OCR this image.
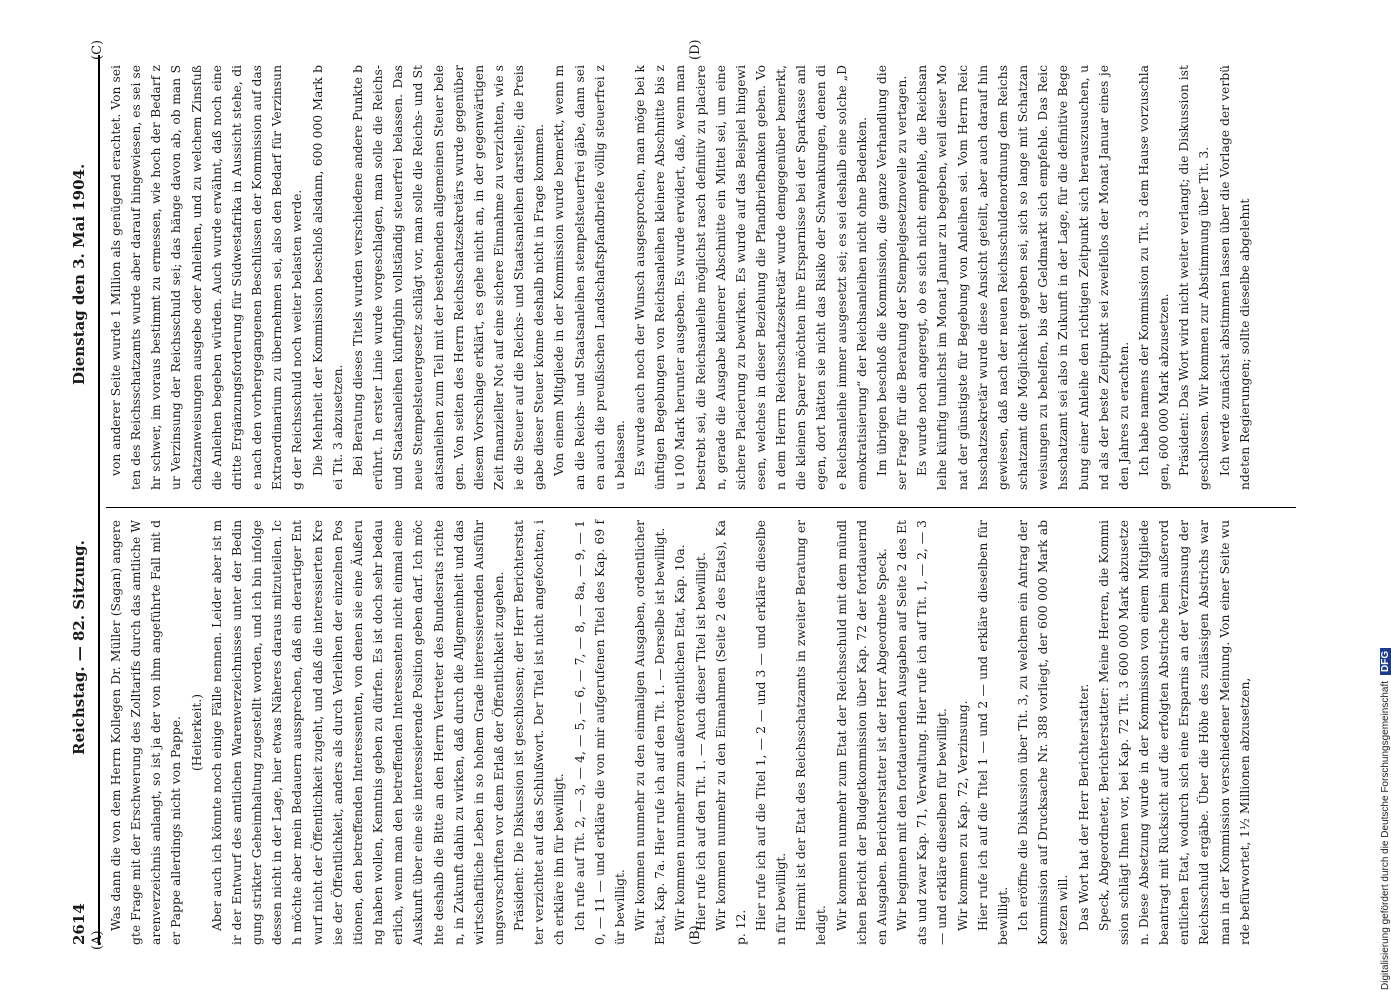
2614
Reichstag. — 82. Sitzung.
Dienstag den 3. Mai 1904.

Was dann die von dem Herrn Kollegen Dr. Müller (Sagan) angeregte Frage mit der Erschwerung des Zolltarifs durch das amtliche Warenverzeichnis anlangt, so ist ja der von ihm angeführte Fall mit der Pappe allerdings nicht von Pappe. (Heiterkeit.) Aber auch ich könnte noch einige Fälle nennen. Leider aber ist mir der Entwurf des amtlichen Warenverzeichnisses unter der Bedingung strikter Geheimhaltung zugestellt worden, und ich bin infolgedessen nicht in der Lage, hier etwas Näheres daraus mitzuteilen. Ich möchte aber mein Bedauern aussprechen, daß ein derartiger Entwurf nicht der Öffentlichkeit zugeht, und daß die interessierten Kreise der Öffentlichkeit, anders als durch Verleihen der einzelnen Positionen, den betreffenden Interessenten, von denen sie eine Äußerung haben wollen, Kenntnis geben zu dürfen. Es ist doch sehr bedauerlich, wenn man den betreffenden Interessenten nicht einmal eine Auskunft über eine sie interessierende Position geben darf. Ich möchte deshalb die Bitte an den Herrn Vertreter des Bundesrats richten, in Zukunft dahin zu wirken, daß durch die Allgemeinheit und das wirtschaftliche Leben in so hohem Grade interessierenden Ausführungsvorschriften vor dem Erlaß der Öffentlichkeit zugehen. Präsident: Die Diskussion ist geschlossen; der Herr Berichterstatter verzichtet auf das Schlußwort. Der Titel ist nicht angefochten; ich erkläre ihn für bewilligt. Ich rufe auf Tit. 2, — 3, — 4, — 5, — 6, — 7, — 8, — 8a, — 9, — 10, — 11 — und erkläre die von mir aufgerufenen Titel des Kap. 69 für bewilligt. Wir kommen nunmehr zu den einmaligen Ausgaben, ordentlicher Etat, Kap. 7a. Hier rufe ich auf den Tit. 1. — Derselbe ist bewilligt. Wir kommen nunmehr zum außerordentlichen Etat, Kap. 10a. Hier rufe ich auf den Tit. 1. — Auch dieser Titel ist bewilligt. Wir kommen nunmehr zu den Einnahmen (Seite 2 des Etats), Kap. 12. Hier rufe ich auf die Titel 1, — 2 — und 3 — und erkläre dieselben für bewilligt. Hiermit ist der Etat des Reichsschatzamts in zweiter Beratung erledigt. Wir kommen nunmehr zum Etat der Reichsschuld mit dem mündlichen Bericht der Budgetkommission über Kap. 72 der fortdauernden Ausgaben. Berichterstatter ist der Herr Abgeordnete Speck. Wir beginnen mit den fortdauernden Ausgaben auf Seite 2 des Etats und zwar Kap. 71, Verwaltung. Hier rufe ich auf Tit. 1, — 2, — 3 — und erkläre dieselben für bewilligt. Wir kommen zu Kap. 72, Verzinsung. Hier rufe ich auf die Titel 1 — und 2 — und erkläre dieselben für bewilligt. Ich eröffne die Diskussion über Tit. 3, zu welchem ein Antrag der Kommission auf Drucksache Nr. 388 vorliegt, der 600 000 Mark absetzen will. Das Wort hat der Herr Berichterstatter. Speck, Abgeordneter, Berichterstatter: Meine Herren, die Kommission schlägt Ihnen vor, bei Kap. 72 Tit. 3 600 000 Mark abzusetzen. Diese Absetzung wurde in der Kommission von einem Mitgliede beantragt mit Rücksicht auf die erfolgten Abstriche beim außerordentlichen Etat, wodurch sich eine Ersparnis an der Verzinsung der Reichsschuld ergäbe. Über die Höhe des zulässigen Abstrichs war man in der Kommission verschiedener Meinung. Von einer Seite wurde befürwortet, 1½ Millionen abzusetzen,

von anderer Seite wurde 1 Million als genügend erachtet. Von seiten des Reichsschatzamts wurde aber darauf hingewiesen, es sei sehr schwer, im voraus bestimmt zu ermessen, wie hoch der Bedarf zur Verzinsung der Reichsschuld sei; das hänge davon ab, ob man Schatzanweisungen ausgebe oder Anleihen, und zu welchem Zinsfuß die Anleihen begeben würden. Auch wurde erwähnt, daß noch eine dritte Ergänzungsforderung für Südwestafrika in Aussicht stehe, die nach den vorhergegangenen Beschlüssen der Kommission auf das Extraordinarium zu übernehmen sei, also den Bedarf für Verzinsung der Reichsschuld noch weiter belasten werde. Die Mehrheit der Kommission beschloß alsdann, 600 000 Mark bei Tit. 3 abzusetzen. Bei Beratung dieses Titels wurden verschiedene andere Punkte berührt. In erster Linie wurde vorgeschlagen, man solle die Reichs- und Staatsanleihen künftighin vollständig steuerfrei belassen. Das neue Stempelsteuergesetz schlägt vor, man solle die Reichs- und Staatsanleihen zum Teil mit der bestehenden allgemeinen Steuer belegen. Von seiten des Herrn Reichsschatzsekretärs wurde gegenüber diesem Vorschlage erklärt, es gehe nicht an, in der gegenwärtigen Zeit finanzieller Not auf eine sichere Einnahme zu verzichten, wie sie die Steuer auf die Reichs- und Staatsanleihen darstelle; die Preisgabe dieser Steuer könne deshalb nicht in Frage kommen. Von einem Mitgliede in der Kommission wurde bemerkt, wenn man die Reichs- und Staatsanleihen stempelsteuerfrei gäbe, dann seien auch die preußischen Landschaftspfandbriefe völlig steuerfrei zu belassen. Es wurde auch noch der Wunsch ausgesprochen, man möge bei künftigen Begebungen von Reichsanleihen kleinere Abschnitte bis zu 100 Mark herunter ausgeben. Es wurde erwidert, daß, wenn man bestrebt sei, die Reichsanleihe möglichst rasch definitiv zu placieren, gerade die Ausgabe kleinerer Abschnitte ein Mittel sei, um eine sichere Placierung zu bewirken. Es wurde auf das Beispiel hingewiesen, welches in dieser Beziehung die Pfandbriefbanken geben. Von dem Herrn Reichsschatzsekretär wurde demgegenüber bemerkt, die kleinen Sparer möchten ihre Ersparnisse bei der Sparkasse anlegen, dort hätten sie nicht das Risiko der Schwankungen, denen die Reichsanleihe immer ausgesetzt sei; es sei deshalb eine solche „Demokratisierung“ der Reichsanleihen nicht ohne Bedenken. Im übrigen beschloß die Kommission, die ganze Verhandlung dieser Frage für die Beratung der Stempelgesetznovelle zu vertagen. Es wurde noch angeregt, ob es sich nicht empfehle, die Reichsanleihe künftig tunlichst im Monat Januar zu begeben, weil dieser Monat der günstigste für Begebung von Anleihen sei. Vom Herrn Reichsschatzsekretär wurde diese Ansicht geteilt, aber auch darauf hingewiesen, daß nach der neuen Reichsschuldenordnung dem Reichsschatzamt die Möglichkeit gegeben sei, sich so lange mit Schatzanweisungen zu behelfen, bis der Geldmarkt sich empfehle. Das Reichsschatzamt sei also in Zukunft in der Lage, für die definitive Begebung einer Anleihe den richtigen Zeitpunkt sich herauszusuchen, und als der beste Zeitpunkt sei zweifellos der Monat Januar eines jeden Jahres zu erachten. Ich habe namens der Kommission zu Tit. 3 dem Hause vorzuschlagen, 600 000 Mark abzusetzen. Präsident: Das Wort wird nicht weiter verlangt; die Diskussion ist geschlossen. Wir kommen zur Abstimmung über Tit. 3. Ich werde zunächst abstimmen lassen über die Vorlage der verbündeten Regierungen; sollte dieselbe abgelehnt

(A)	(B)
(C)	(D)
Digitalisierung gefördert durch die Deutsche ForschungsgemeinschaftDFG
